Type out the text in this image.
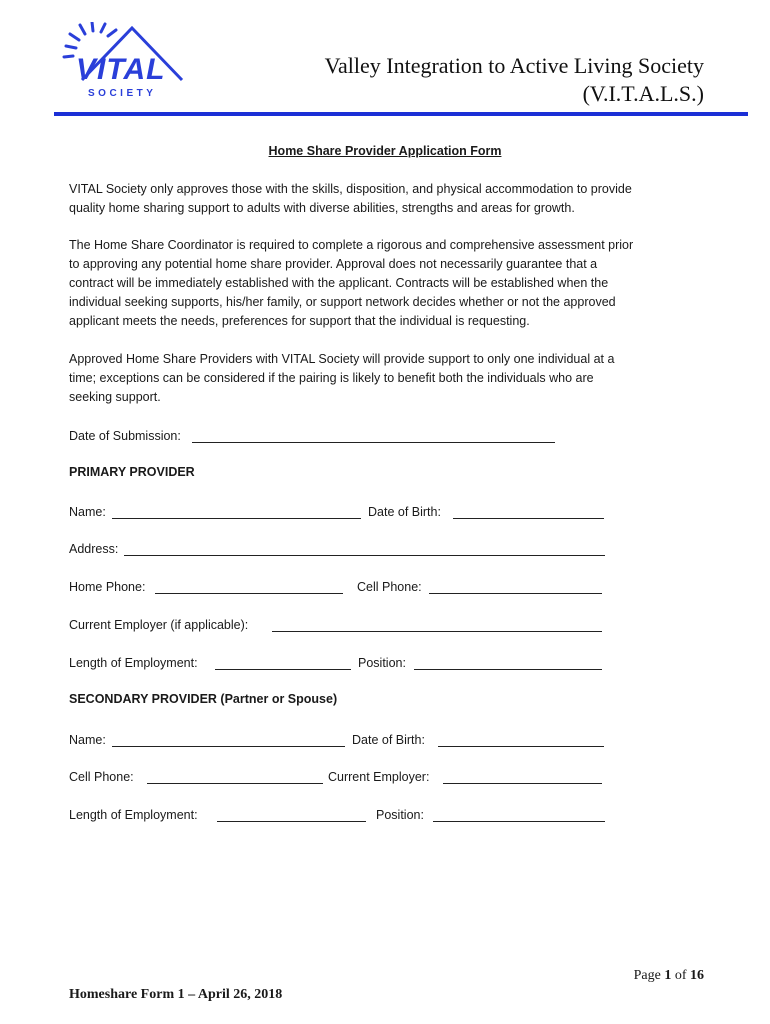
VITAL
SOCIETY
Valley Integration to Active Living Society
(V.I.T.A.L.S.)
Home Share Provider Application Form
VITAL Society only approves those with the skills, disposition, and physical accommodation to provide
quality home sharing support to adults with diverse abilities, strengths and areas for growth.
The Home Share Coordinator is required to complete a rigorous and comprehensive assessment prior
to approving any potential home share provider. Approval does not necessarily guarantee that a
contract will be immediately established with the applicant. Contracts will be established when the
individual seeking supports, his/her family, or support network decides whether or not the approved
applicant meets the needs, preferences for support that the individual is requesting.
Approved Home Share Providers with VITAL Society will provide support to only one individual at a
time; exceptions can be considered if the pairing is likely to benefit both the individuals who are
seeking support.
Date of Submission:
PRIMARY PROVIDER
Name:	Date of Birth:
Address:
Home Phone:	Cell Phone:
Current Employer (if applicable):
Length of Employment:	Position:
SECONDARY PROVIDER (Partner or Spouse)
Name:	Date of Birth:
Cell Phone:	Current Employer:
Length of Employment:	Position:
Page 1 of 16
Homeshare Form 1 – April 26, 2018
